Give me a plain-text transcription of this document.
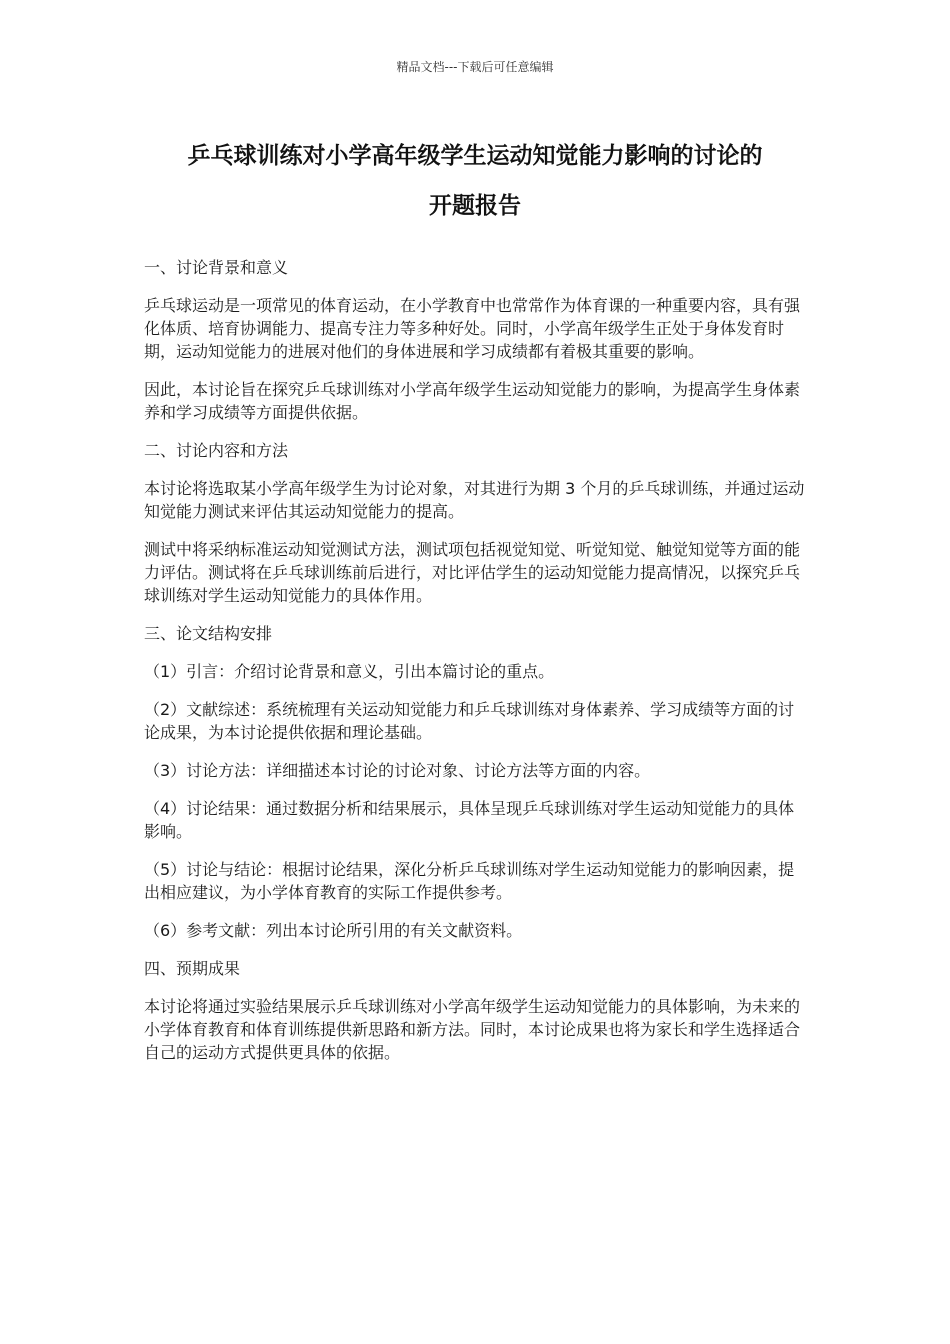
精品文档---下载后可任意编辑
乒乓球训练对小学高年级学生运动知觉能力影响的讨论的
开题报告
一、讨论背景和意义

乒乓球运动是一项常见的体育运动，在小学教育中也常常作为体育课的一种重要内容，具有强化体质、培育协调能力、提高专注力等多种好处。同时，小学高年级学生正处于身体发育时期，运动知觉能力的进展对他们的身体进展和学习成绩都有着极其重要的影响。

因此，本讨论旨在探究乒乓球训练对小学高年级学生运动知觉能力的影响，为提高学生身体素养和学习成绩等方面提供依据。

二、讨论内容和方法

本讨论将选取某小学高年级学生为讨论对象，对其进行为期 3 个月的乒乓球训练，并通过运动知觉能力测试来评估其运动知觉能力的提高。

测试中将采纳标准运动知觉测试方法，测试项包括视觉知觉、听觉知觉、触觉知觉等方面的能力评估。测试将在乒乓球训练前后进行，对比评估学生的运动知觉能力提高情况，以探究乒乓球训练对学生运动知觉能力的具体作用。

三、论文结构安排

（1）引言：介绍讨论背景和意义，引出本篇讨论的重点。

（2）文献综述：系统梳理有关运动知觉能力和乒乓球训练对身体素养、学习成绩等方面的讨论成果，为本讨论提供依据和理论基础。

（3）讨论方法：详细描述本讨论的讨论对象、讨论方法等方面的内容。

（4）讨论结果：通过数据分析和结果展示，具体呈现乒乓球训练对学生运动知觉能力的具体影响。

（5）讨论与结论：根据讨论结果，深化分析乒乓球训练对学生运动知觉能力的影响因素，提出相应建议，为小学体育教育的实际工作提供参考。

（6）参考文献：列出本讨论所引用的有关文献资料。

四、预期成果

本讨论将通过实验结果展示乒乓球训练对小学高年级学生运动知觉能力的具体影响，为未来的小学体育教育和体育训练提供新思路和新方法。同时，本讨论成果也将为家长和学生选择适合自己的运动方式提供更具体的依据。
